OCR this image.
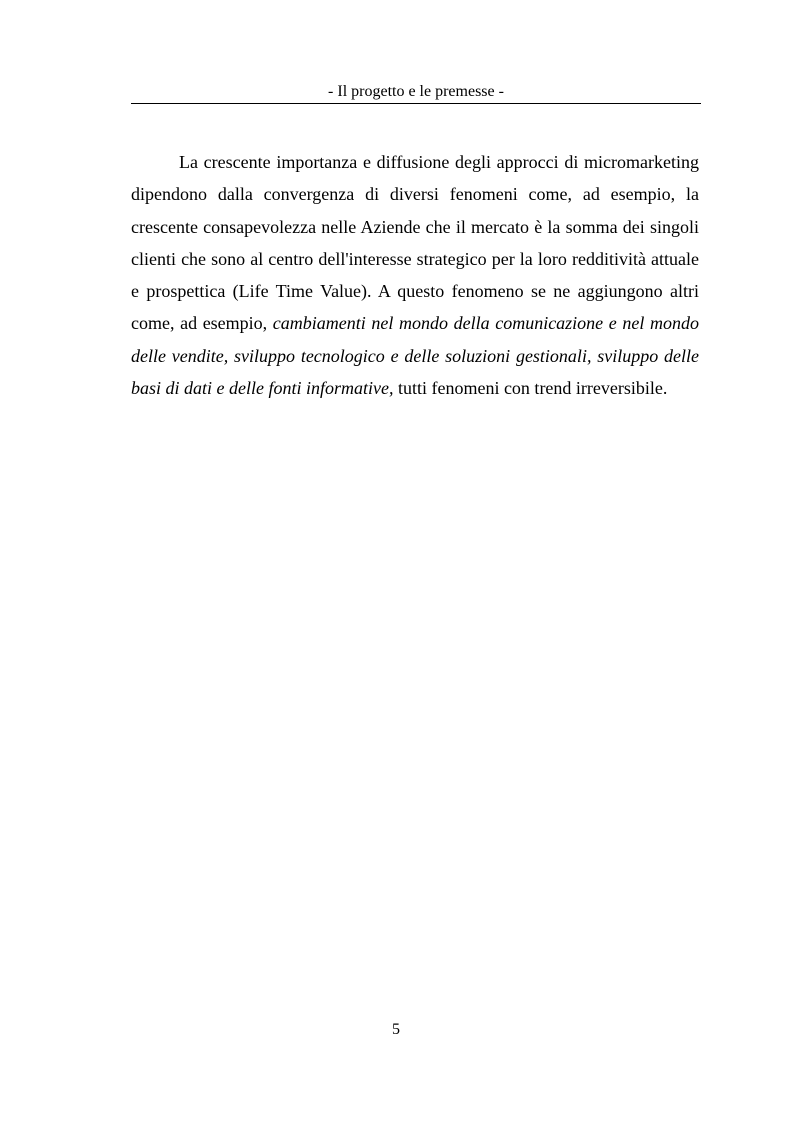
- Il progetto e le premesse -

La crescente importanza e diffusione degli approcci di micromarketing dipendono dalla convergenza di diversi fenomeni come, ad esempio, la crescente consapevolezza nelle Aziende che il mercato è la somma dei singoli clienti che sono al centro dell'interesse strategico per la loro redditività attuale e prospettica (Life Time Value). A questo fenomeno se ne aggiungono altri come, ad esempio, cambiamenti nel mondo della comunicazione e nel mondo delle vendite, sviluppo tecnologico e delle soluzioni gestionali, sviluppo delle basi di dati e delle fonti informative, tutti fenomeni con trend irreversibile.

5
